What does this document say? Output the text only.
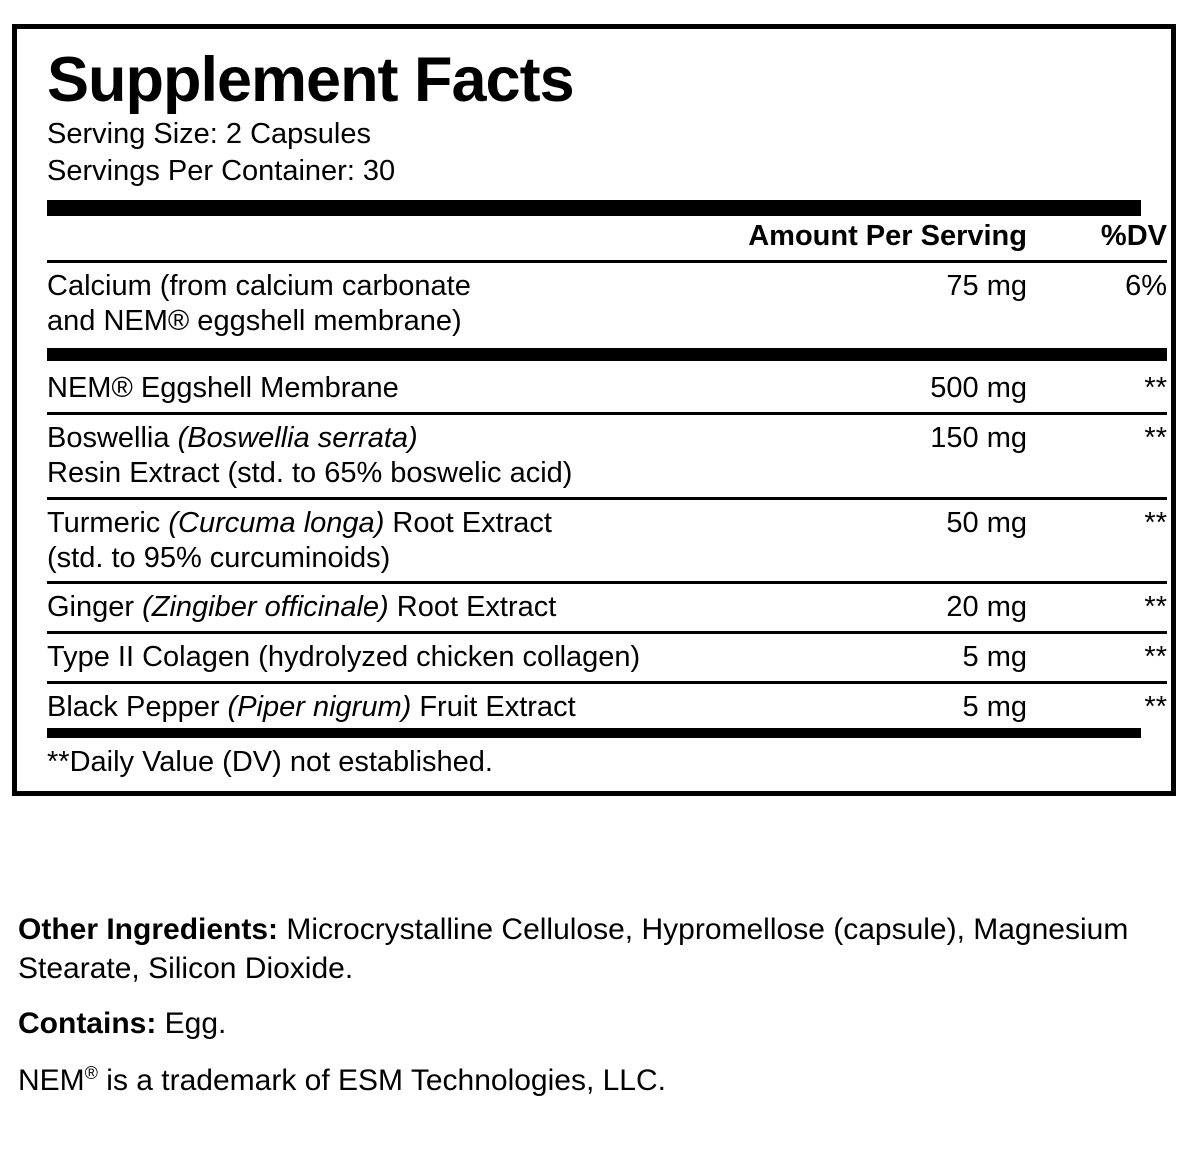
Supplement Facts
Serving Size: 2 Capsules
Servings Per Container: 30
	Amount Per Serving	%DV

Calcium (from calcium carbonate
and NEM® eggshell membrane)	75 mg	6%

NEM® Eggshell Membrane	500 mg	**

Boswellia (Boswellia serrata)
Resin Extract (std. to 65% boswelic acid)	150 mg	**

Turmeric (Curcuma longa) Root Extract
(std. to 95% curcuminoids)	50 mg	**

Ginger (Zingiber officinale) Root Extract	20 mg	**

Type II Colagen (hydrolyzed chicken collagen)	5 mg	**

Black Pepper (Piper nigrum) Fruit Extract	5 mg	**
**Daily Value (DV) not established.
Other Ingredients: Microcrystalline Cellulose, Hypromellose (capsule), Magnesium Stearate, Silicon Dioxide.
Contains: Egg.
NEM® is a trademark of ESM Technologies, LLC.
